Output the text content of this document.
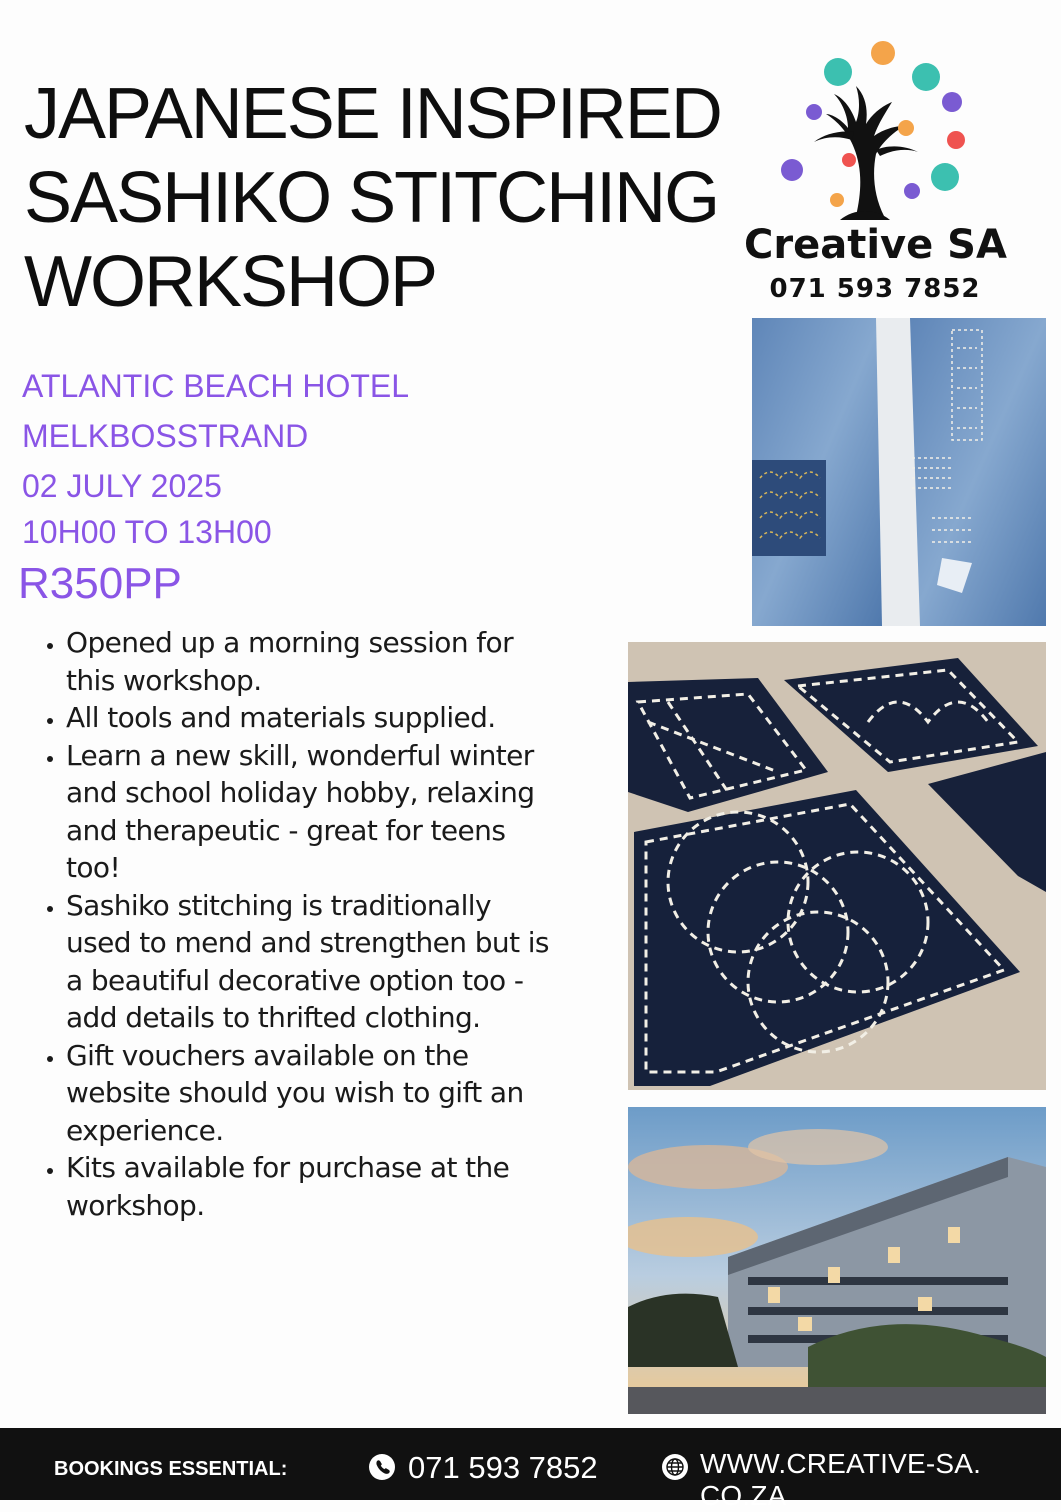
JAPANESE INSPIRED
SASHIKO STITCHING
WORKSHOP	Creative SA
071 593 7852
ATLANTIC BEACH HOTEL
MELKBOSSTRAND
02 JULY 2025
10H00 TO 13H00
R350PP
• Opened up a morning session for this workshop.
• All tools and materials supplied.
• Learn a new skill, wonderful winter and school holiday hobby, relaxing and therapeutic - great for teens too!
• Sashiko stitching is traditionally used to mend and strengthen but is a beautiful decorative option too - add details to thrifted clothing.
• Gift vouchers available on the website should you wish to gift an experience.
• Kits available for purchase at the workshop.
BOOKINGS ESSENTIAL:	071 593 7852	WWW.CREATIVE-SA. CO.ZA
